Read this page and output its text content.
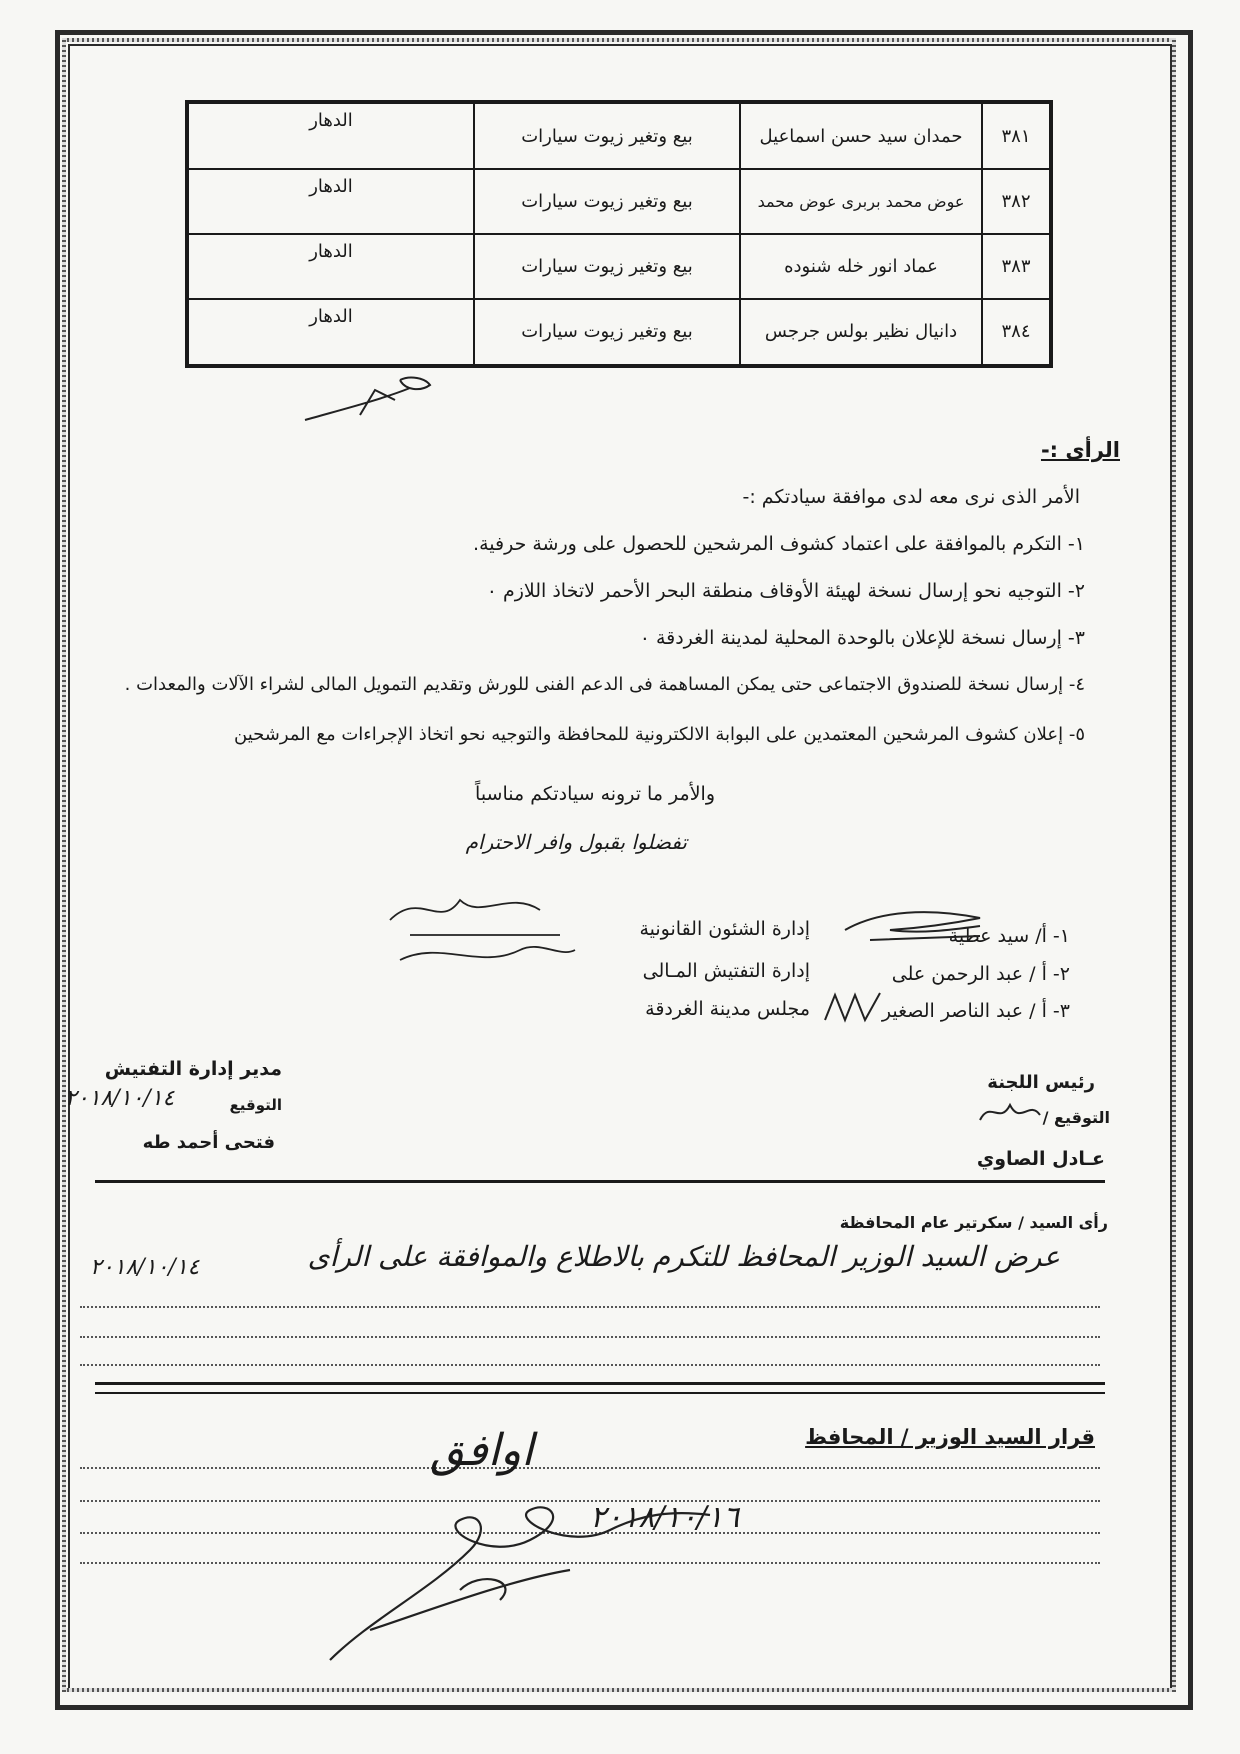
٣٨١	حمدان سيد حسن اسماعيل	بيع وتغير زيوت سيارات	الدهار
٣٨٢	عوض محمد بربرى عوض محمد	بيع وتغير زيوت سيارات	الدهار
٣٨٣	عماد انور خله شنوده	بيع وتغير زيوت سيارات	الدهار
٣٨٤	دانيال نظير بولس جرجس	بيع وتغير زيوت سيارات	الدهار
الرأى :-
الأمر الذى نرى معه لدى موافقة سيادتكم :-
١- التكرم بالموافقة على اعتماد كشوف المرشحين للحصول على ورشة حرفية.
٢- التوجيه نحو إرسال نسخة لهيئة الأوقاف منطقة البحر الأحمر لاتخاذ اللازم ٠
٣- إرسال نسخة للإعلان بالوحدة المحلية لمدينة الغردقة ٠
٤- إرسال نسخة للصندوق الاجتماعى حتى يمكن المساهمة فى الدعم الفنى للورش وتقديم التمويل المالى لشراء الآلات والمعدات .
٥- إعلان كشوف المرشحين المعتمدين على البوابة الالكترونية للمحافظة والتوجيه نحو اتخاذ الإجراءات مع المرشحين
والأمر ما ترونه سيادتكم مناسباً
تفضلوا بقبول وافر الاحترام
١- أ/ سيد عطية
إدارة الشئون القانونية
٢- أ / عبد الرحمن على
إدارة التفتيش المـالى
٣- أ / عبد الناصر الصغير
مجلس مدينة الغردقة
رئيس اللجنة
التوقيع /
عـادل الصاوي
مدير إدارة التفتيش
التوقيع
٢٠١٨/١٠/١٤
فتحى أحمد طه
رأى السيد / سكرتير عام المحافظة
عرض السيد الوزير المحافظ للتكرم بالاطلاع والموافقة على الرأى
٢٠١٨/١٠/١٤
قرار السيد الوزير / المحافظ
اوافق
٢٠١٨/١٠/١٦
